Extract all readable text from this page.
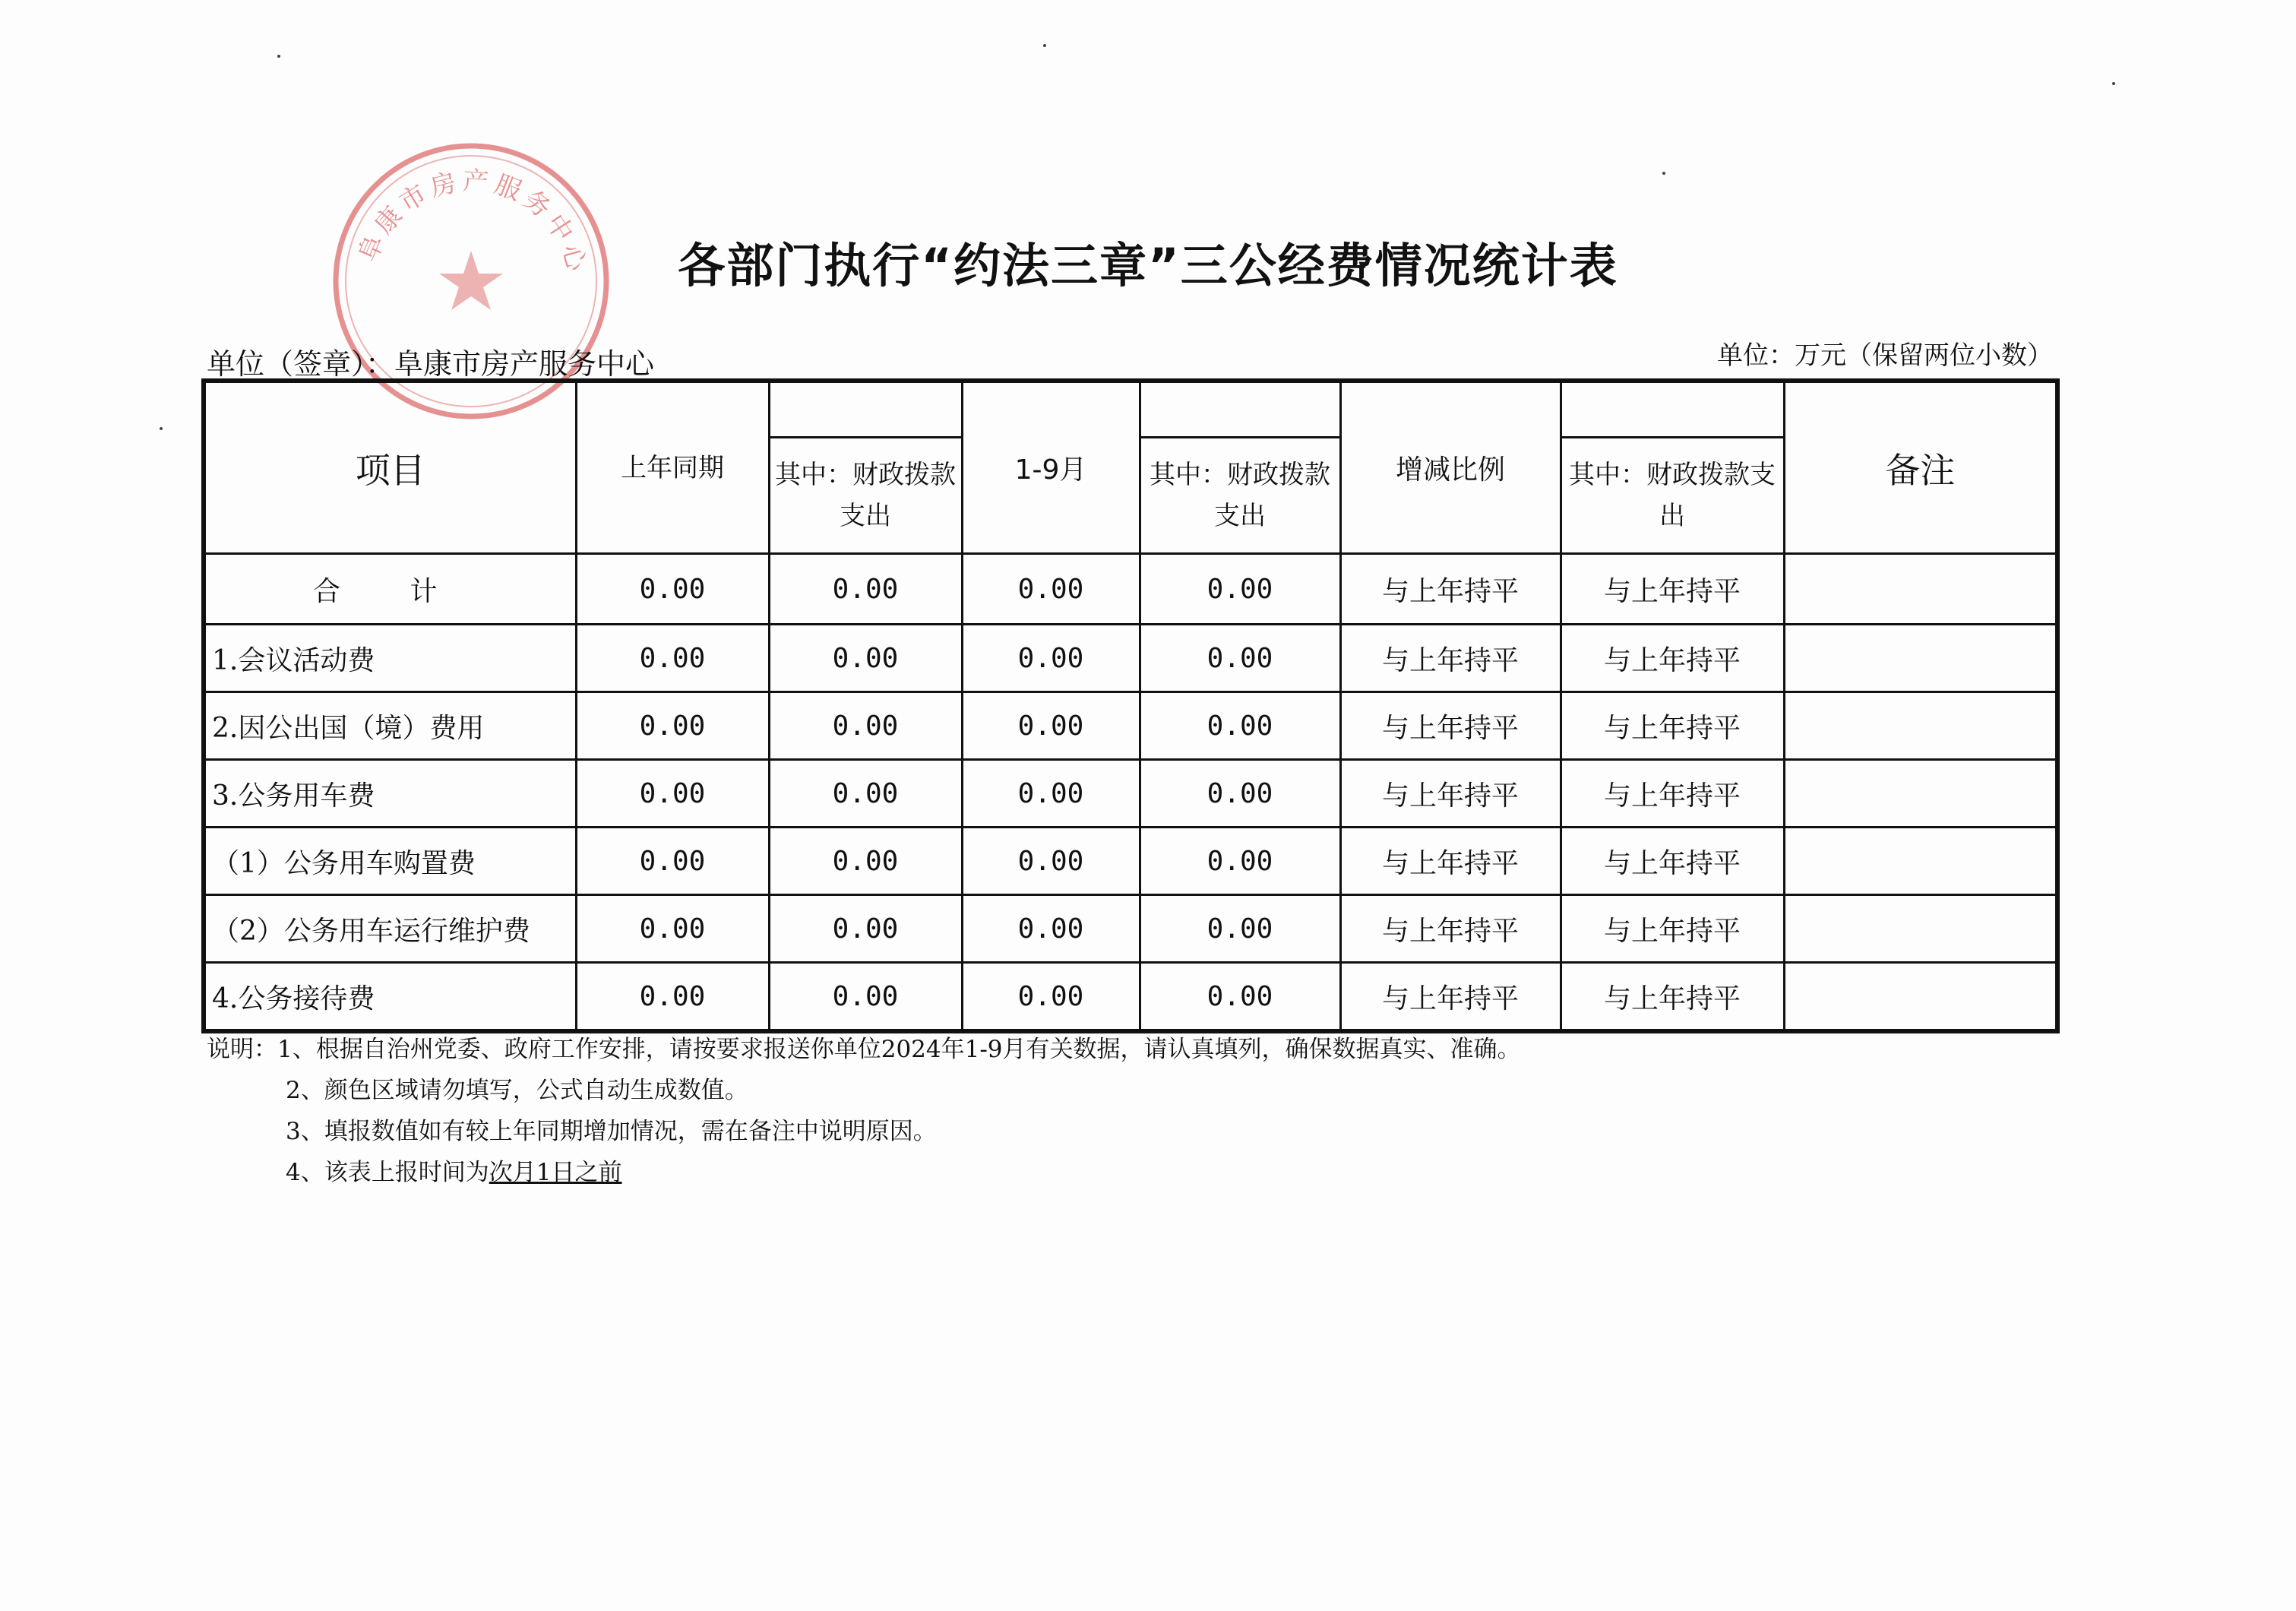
阜康市房产服务中心	各部门执行“约法三章”三公经费情况统计表
单位（签章）：阜康市房产服务中心	单位：万元（保留两位小数）
项目	上年同期		1-9月		增减比例		备注
		其中：财政拨款支出		其中：财政拨款支出		其中：财政拨款支出	
合 计	0.00	0.00	0.00	0.00	与上年持平	与上年持平	
1.会议活动费	0.00	0.00	0.00	0.00	与上年持平	与上年持平	
2.因公出国（境）费用	0.00	0.00	0.00	0.00	与上年持平	与上年持平	
3.公务用车费	0.00	0.00	0.00	0.00	与上年持平	与上年持平	
（1）公务用车购置费	0.00	0.00	0.00	0.00	与上年持平	与上年持平	
（2）公务用车运行维护费	0.00	0.00	0.00	0.00	与上年持平	与上年持平	
4.公务接待费	0.00	0.00	0.00	0.00	与上年持平	与上年持平	
说明：1、根据自治州党委、政府工作安排，请按要求报送你单位2024年1-9月有关数据，请认真填列，确保数据真实、准确。
2、颜色区域请勿填写，公式自动生成数值。
3、填报数值如有较上年同期增加情况，需在备注中说明原因。
4、该表上报时间为次月1日之前
